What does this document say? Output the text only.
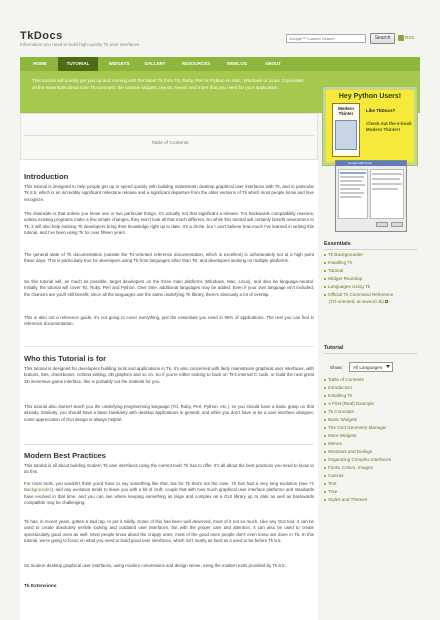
TkDocs
Information you need to build high-quality Tk user interfaces
Google™ Custom Search
Search	RSS
HOME	TUTORIAL	WIDGETS	GALLERY	RESOURCES	WEBLOG	ABOUT
This tutorial will quickly get you up and running with the latest Tk from Tcl, Ruby, Perl or Python on Mac, Windows or Linux. It provides all the essentials about core Tk concepts, the various widgets, layout, events and more that you need for your application.
Table of Contents
Introduction
This tutorial is designed to help people get up to speed quickly with building mainstream desktop graphical user interfaces with Tk, and in particular Tk 8.5, which is an incredibly significant milestone release and a significant departure from the older versions of Tk which most people know and love recognize.
The downside is that unless you know one or two particular things, it's actually not that significant a release. For backwards compatibility reasons, unless existing programs make a few simple changes, they won't look all that much different. So while this tutorial will certainly benefit newcomers to Tk, it will also help existing Tk developers bring their knowledge right up to date. It's a cliche, but I can't believe how much I've learned in writing this tutorial, and I've been using Tk for over fifteen years.
The general state of Tk documentation (outside the Tcl-oriented reference documentation, which is excellent) is unfortunately not at a high point these days. This is particularly true for developers using Tk from languages other than Tcl, and developers working on multiple platforms.
So this tutorial will, as much as possible, target developers on the three main platforms (Windows, Mac, Linux), and also be language-neutral. Initially, the tutorial will cover Tcl, Ruby, Perl and Python. Over time, additional languages may be added. Even if your own language isn't included, the chances are you'll still benefit; since all the languages use the same underlying Tk library, there's obviously a lot of overlap.
This is also not a reference guide, it's not going to cover everything, just the essentials you need in 95% of applications. The rest you can find in reference documentation.
Who this Tutorial is for
This tutorial is designed for developers building tools and applications in Tk. It's also concerned with fairly mainstream graphical user interfaces, with buttons, lists, checkboxes, richtext editing, 2D graphics and so on. So if you're either looking to hack on Tk's internal C code, or build the next great 3D immersive game interface, this is probably not the material for you.
This tutorial also doesn't teach you the underlying programming language (Tcl, Ruby, Perl, Python, etc.), so you should have a basic grasp on that already. Similarly, you should have a basic familiarity with desktop applications in general, and while you don't have to be a user interface designer, some appreciation of GUI design is always helpful.
Modern Best Practices
This tutorial is all about building modern Tk user interfaces using the current tools Tk has to offer. It's all about the best practices you need to know to do this.
For most tools, you wouldn't think you'd have to say something like that, but for Tk that's not the case. Tk has had a very long evolution (see Tk Backgrounder), and any evolution tends to leave you with a bit of cruft; couple that with how much graphical user interface platforms and standards have evolved in that time, and you can see where keeping something as large and complex as a GUI library up to date as well as backwards compatible may be challenging.
Tk has, in recent years, gotten a bad rap, to put it mildly. Some of this has been well deserved, most of it not so much. Like any GUI tool, it can be used to create absolutely terrible looking and outdated user interfaces, but with the proper care and attention, it can also be used to create spectacularly good ones as well. Most people know about the crappy ones; most of the good ones people don't even know are done in Tk. In this tutorial, we're going to focus on what you need to build good user interfaces, which isn't nearly as hard as it used to be before Tk 8.5.
So modern desktop graphical user interfaces, using modern conventions and design sense, using the modern tools provided by Tk 8.5.
Tk Extensions
Hey Python Users!
Modern Tkinter
Like TkDocs?
Check out the e-book Modern Tkinter!
Google Mail Tools
Essentials
Tk Backgrounder
Installing Tk
Tutorial
Widget Roundup
Languages Using Tk
Official Tk Command Reference
(Tcl-oriented; at www.tcl.tk)
Tutorial
Show:	All Languages
Table of Contents
Introduction
Installing Tk
A First (Real) Example
Tk Concepts
Basic Widgets
The Grid Geometry Manager
More Widgets
Menus
Windows and Dialogs
Organizing Complex Interfaces
Fonts, Colors, Images
Canvas
Text
Tree
Styles and Themes
